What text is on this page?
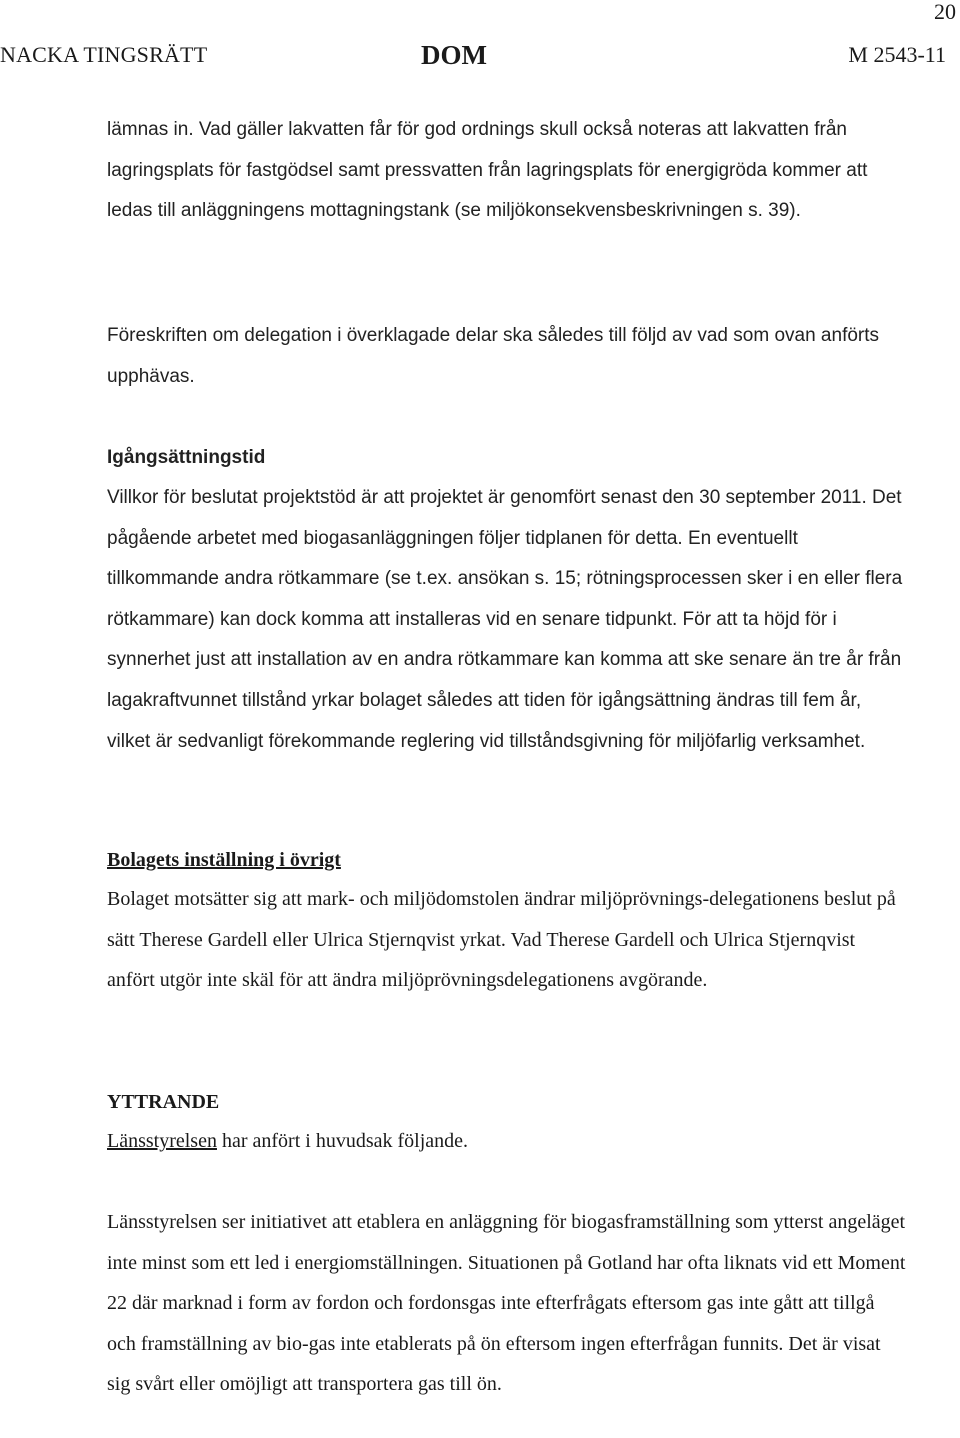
20
NACKA TINGSRÄTT	DOM	M 2543-11

lämnas in. Vad gäller lakvatten får för god ordnings skull också noteras att lakvatten från lagringsplats för fastgödsel samt pressvatten från lagringsplats för energigröda kommer att ledas till anläggningens mottagningstank (se miljökonsekvensbeskrivningen s. 39).

Föreskriften om delegation i överklagade delar ska således till följd av vad som ovan anförts upphävas.

Igångsättningstid

Villkor för beslutat projektstöd är att projektet är genomfört senast den 30 september 2011. Det pågående arbetet med biogasanläggningen följer tidplanen för detta. En eventuellt tillkommande andra rötkammare (se t.ex. ansökan s. 15; rötningsprocessen sker i en eller flera rötkammare) kan dock komma att installeras vid en senare tidpunkt. För att ta höjd för i synnerhet just att installation av en andra rötkammare kan komma att ske senare än tre år från lagakraftvunnet tillstånd yrkar bolaget således att tiden för igångsättning ändras till fem år, vilket är sedvanligt förekommande reglering vid tillståndsgivning för miljöfarlig verksamhet.

Bolagets inställning i övrigt

Bolaget motsätter sig att mark- och miljödomstolen ändrar miljöprövnings-delegationens beslut på sätt Therese Gardell eller Ulrica Stjernqvist yrkat. Vad Therese Gardell och Ulrica Stjernqvist anfört utgör inte skäl för att ändra miljöprövningsdelegationens avgörande.

YTTRANDE

Länsstyrelsen har anfört i huvudsak följande.

Länsstyrelsen ser initiativet att etablera en anläggning för biogasframställning som ytterst angeläget inte minst som ett led i energiomställningen. Situationen på Gotland har ofta liknats vid ett Moment 22 där marknad i form av fordon och fordonsgas inte efterfrågats eftersom gas inte gått att tillgå och framställning av bio-gas inte etablerats på ön eftersom ingen efterfrågan funnits. Det är visat sig svårt eller omöjligt att transportera gas till ön.
